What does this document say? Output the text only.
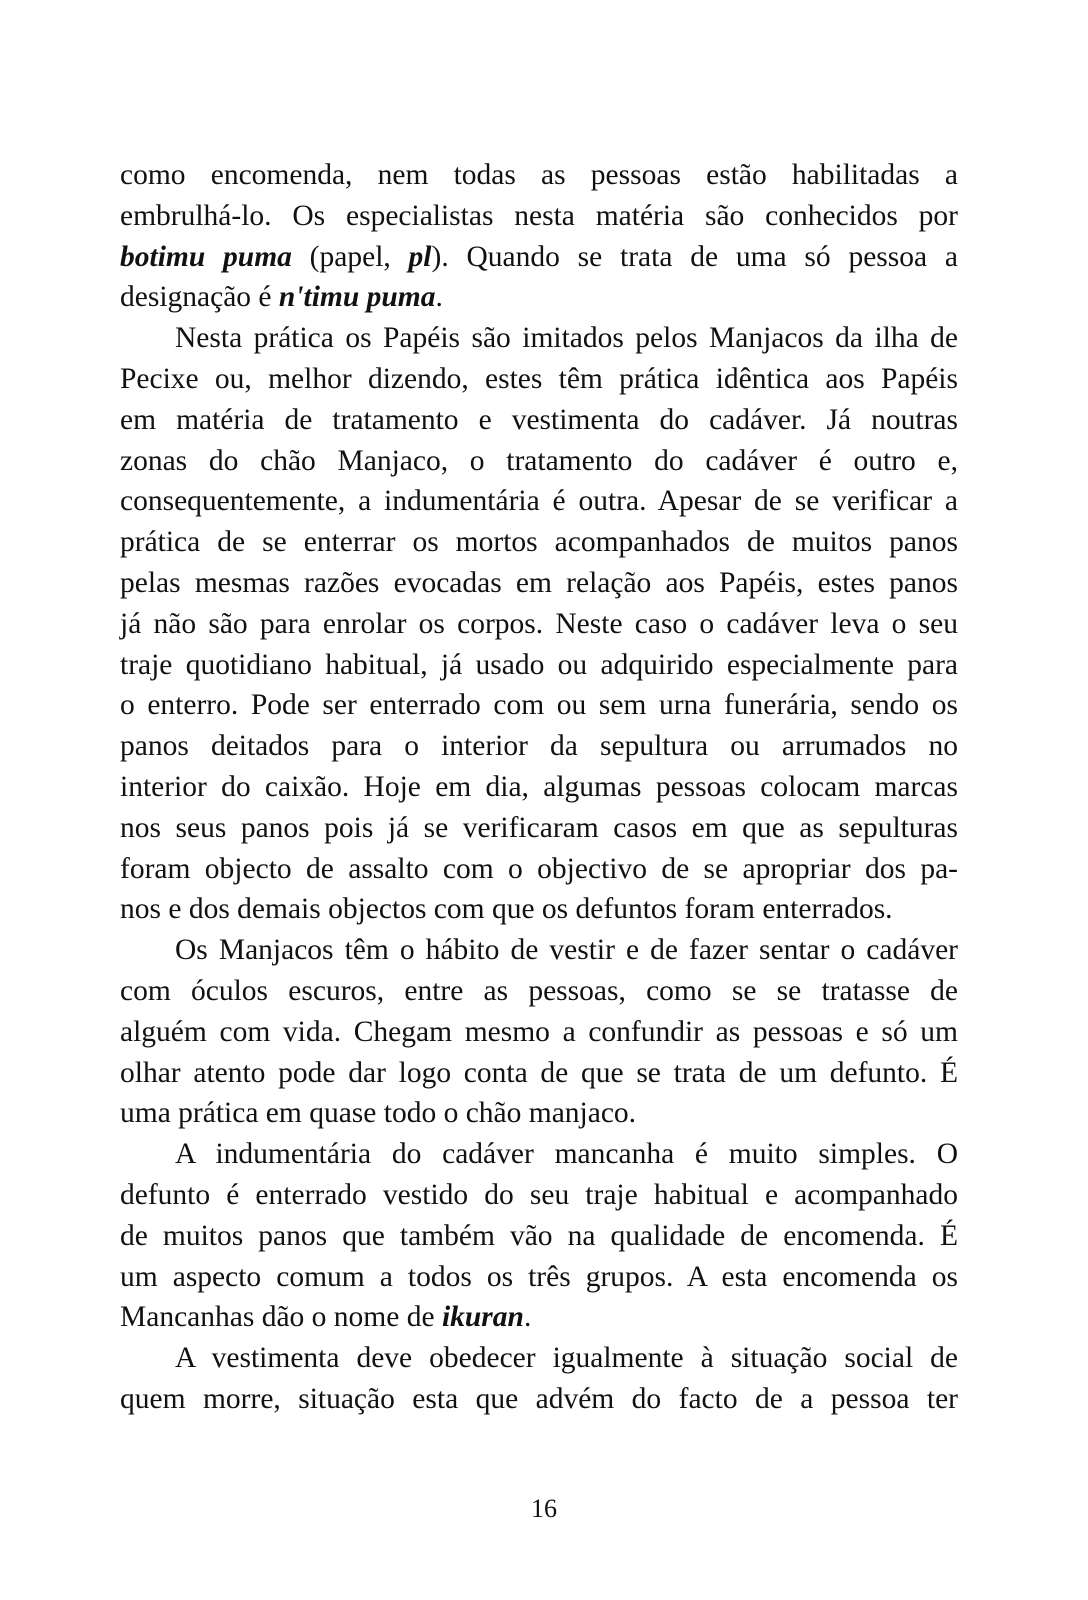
como encomenda, nem todas as pessoas estão habilitadas a
embrulhá-lo. Os especialistas nesta matéria são conhecidos por
botimu puma (papel, pl). Quando se trata de uma só pessoa a
designação é n'timu puma.
Nesta prática os Papéis são imitados pelos Manjacos da ilha de
Pecixe ou, melhor dizendo, estes têm prática idêntica aos Papéis
em matéria de tratamento e vestimenta do cadáver. Já noutras
zonas do chão Manjaco, o tratamento do cadáver é outro e,
consequentemente, a indumentária é outra. Apesar de se verificar a
prática de se enterrar os mortos acompanhados de muitos panos
pelas mesmas razões evocadas em relação aos Papéis, estes panos
já não são para enrolar os corpos. Neste caso o cadáver leva o seu
traje quotidiano habitual, já usado ou adquirido especialmente para
o enterro. Pode ser enterrado com ou sem urna funerária, sendo os
panos deitados para o interior da sepultura ou arrumados no
interior do caixão. Hoje em dia, algumas pessoas colocam marcas
nos seus panos pois já se verificaram casos em que as sepulturas
foram objecto de assalto com o objectivo de se apropriar dos pa-
nos e dos demais objectos com que os defuntos foram enterrados.
Os Manjacos têm o hábito de vestir e de fazer sentar o cadáver
com óculos escuros, entre as pessoas, como se se tratasse de
alguém com vida. Chegam mesmo a confundir as pessoas e só um
olhar atento pode dar logo conta de que se trata de um defunto. É
uma prática em quase todo o chão manjaco.
A indumentária do cadáver mancanha é muito simples. O
defunto é enterrado vestido do seu traje habitual e acompanhado
de muitos panos que também vão na qualidade de encomenda. É
um aspecto comum a todos os três grupos. A esta encomenda os
Mancanhas dão o nome de ikuran.
A vestimenta deve obedecer igualmente à situação social de
quem morre, situação esta que advém do facto de a pessoa ter
16
